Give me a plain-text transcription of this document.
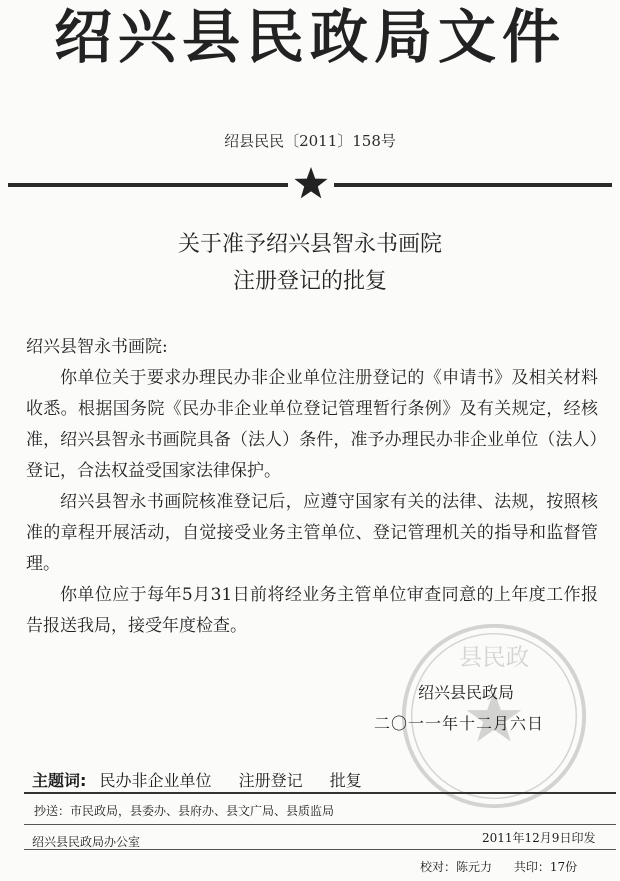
绍兴县民政局文件
绍县民民〔2011〕158号
关于准予绍兴县智永书画院
注册登记的批复

绍兴县智永书画院:

你单位关于要求办理民办非企业单位注册登记的《申请书》及相关材料收悉。根据国务院《民办非企业单位登记管理暂行条例》及有关规定，经核准，绍兴县智永书画院具备（法人）条件，准予办理民办非企业单位（法人）登记，合法权益受国家法律保护。

绍兴县智永书画院核准登记后，应遵守国家有关的法律、法规，按照核准的章程开展活动，自觉接受业务主管单位、登记管理机关的指导和监督管理。

你单位应于每年5月31日前将经业务主管单位审查同意的上年度工作报告报送我局，接受年度检查。

县民政
绍兴县民政局
二〇一一年十二月六日
主题词: 民办非企业单位 注册登记 批复
抄送：市民政局，县委办、县府办、县文广局、县质监局
绍兴县民政局办公室	2011年12月9日印发
校对：陈元力 共印：17份
